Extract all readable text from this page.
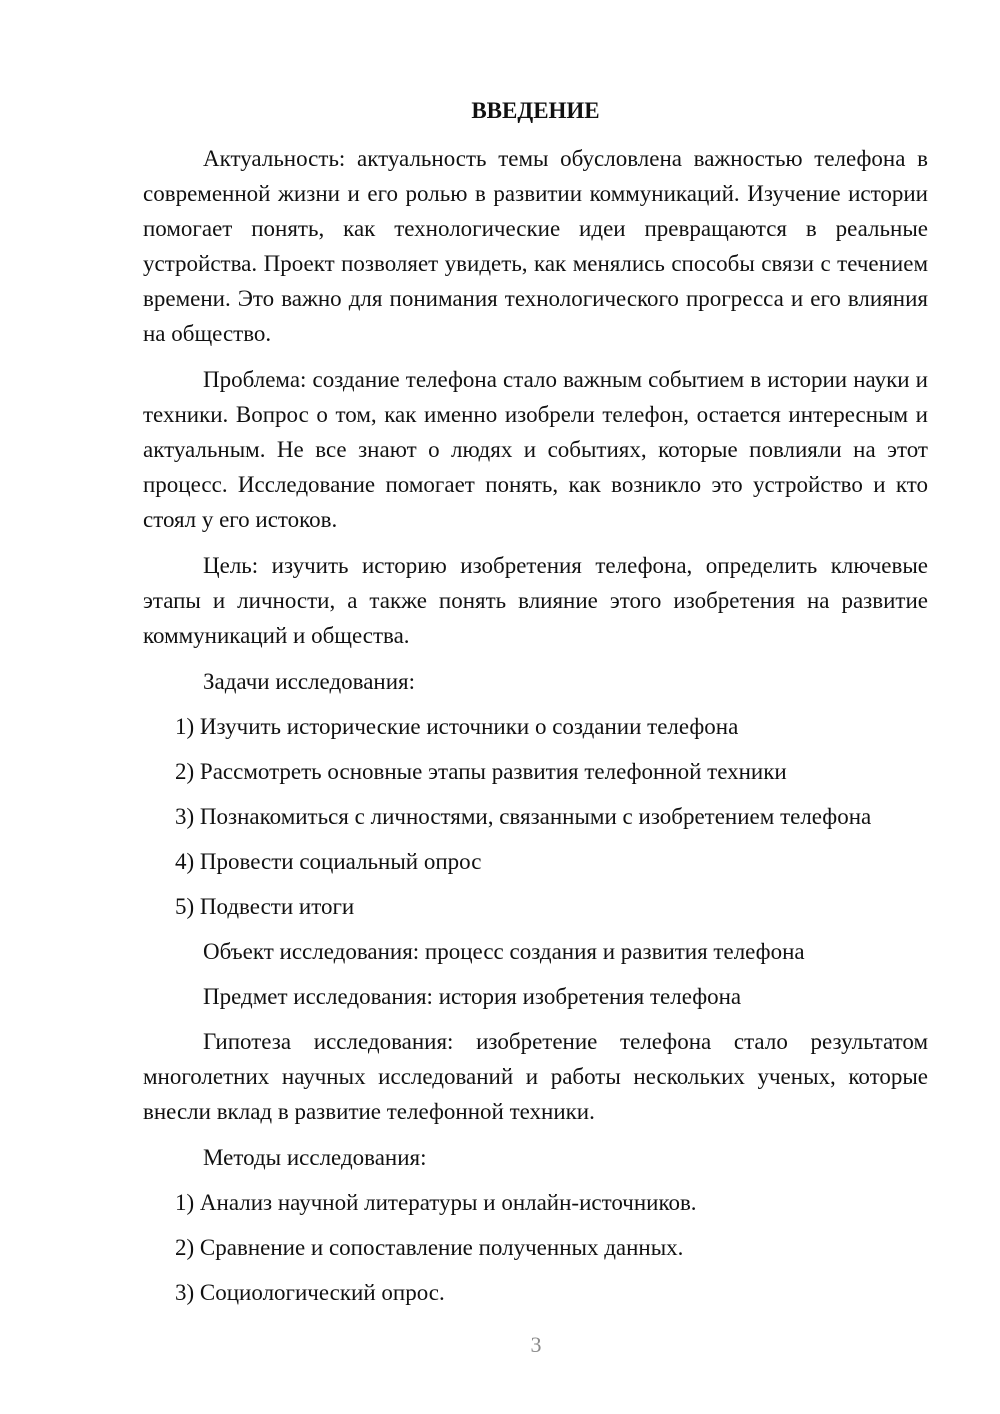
ВВЕДЕНИЕ
Актуальность: актуальность темы обусловлена важностью телефона в современной жизни и его ролью в развитии коммуникаций. Изучение истории помогает понять, как технологические идеи превращаются в реальные устройства. Проект позволяет увидеть, как менялись способы связи с течением времени. Это важно для понимания технологического прогресса и его влияния на общество.
Проблема: создание телефона стало важным событием в истории науки и техники. Вопрос о том, как именно изобрели телефон, остается интересным и актуальным. Не все знают о людях и событиях, которые повлияли на этот процесс. Исследование помогает понять, как возникло это устройство и кто стоял у его истоков.
Цель: изучить историю изобретения телефона, определить ключевые этапы и личности, а также понять влияние этого изобретения на развитие коммуникаций и общества.
Задачи исследования:
1) Изучить исторические источники о создании телефона
2) Рассмотреть основные этапы развития телефонной техники
3) Познакомиться с личностями, связанными с изобретением телефона
4) Провести социальный опрос
5) Подвести итоги
Объект исследования: процесс создания и развития телефона
Предмет исследования: история изобретения телефона
Гипотеза исследования: изобретение телефона стало результатом многолетних научных исследований и работы нескольких ученых, которые внесли вклад в развитие телефонной техники.
Методы исследования:
1) Анализ научной литературы и онлайн-источников.
2) Сравнение и сопоставление полученных данных.
3) Социологический опрос.
3
